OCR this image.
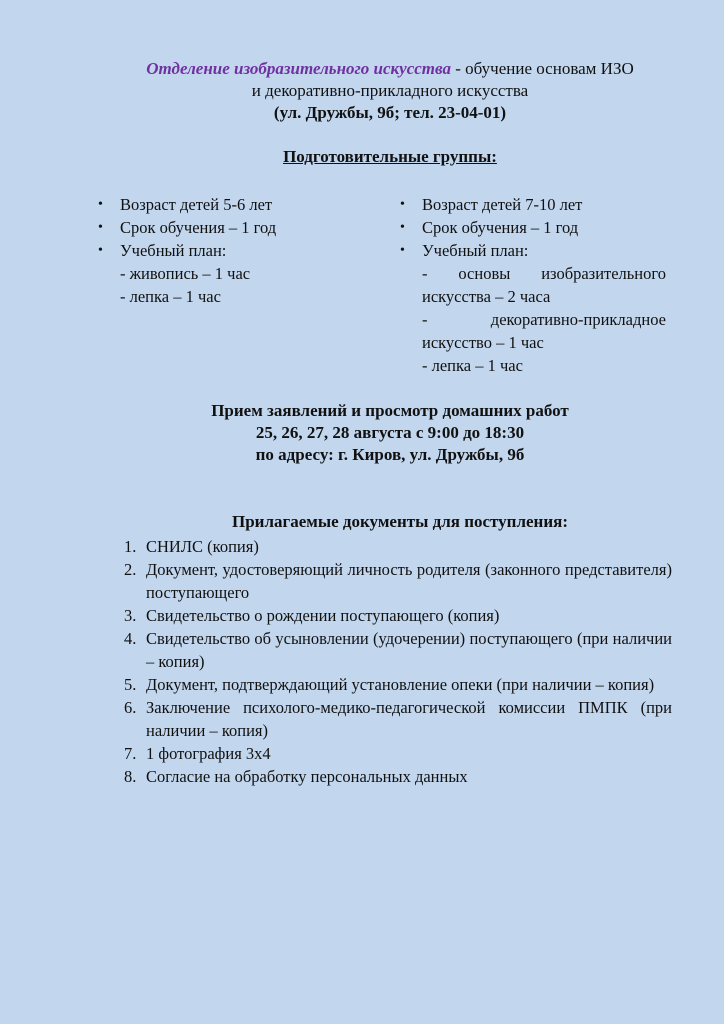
Отделение изобразительного искусства - обучение основам ИЗО
и декоративно-прикладного искусства
(ул. Дружбы, 9б; тел. 23-04-01)
Подготовительные группы:
• Возраст детей 5-6 лет
• Срок обучения – 1 год
• Учебный план:
- живопись – 1 час
- лепка – 1 час
• Возраст детей 7-10 лет
• Срок обучения – 1 год
• Учебный план:
- основы изобразительного искусства – 2 часа
- декоративно-прикладное искусство – 1 час
- лепка – 1 час
Прием заявлений и просмотр домашних работ
25, 26, 27, 28 августа с 9:00 до 18:30
по адресу: г. Киров, ул. Дружбы, 9б
Прилагаемые документы для поступления:
1. СНИЛС (копия)
2. Документ, удостоверяющий личность родителя (законного представителя) поступающего
3. Свидетельство о рождении поступающего (копия)
4. Свидетельство об усыновлении (удочерении) поступающего (при наличии – копия)
5. Документ, подтверждающий установление опеки (при наличии – копия)
6. Заключение психолого-медико-педагогической комиссии ПМПК (при наличии – копия)
7. 1 фотография 3х4
8. Согласие на обработку персональных данных
